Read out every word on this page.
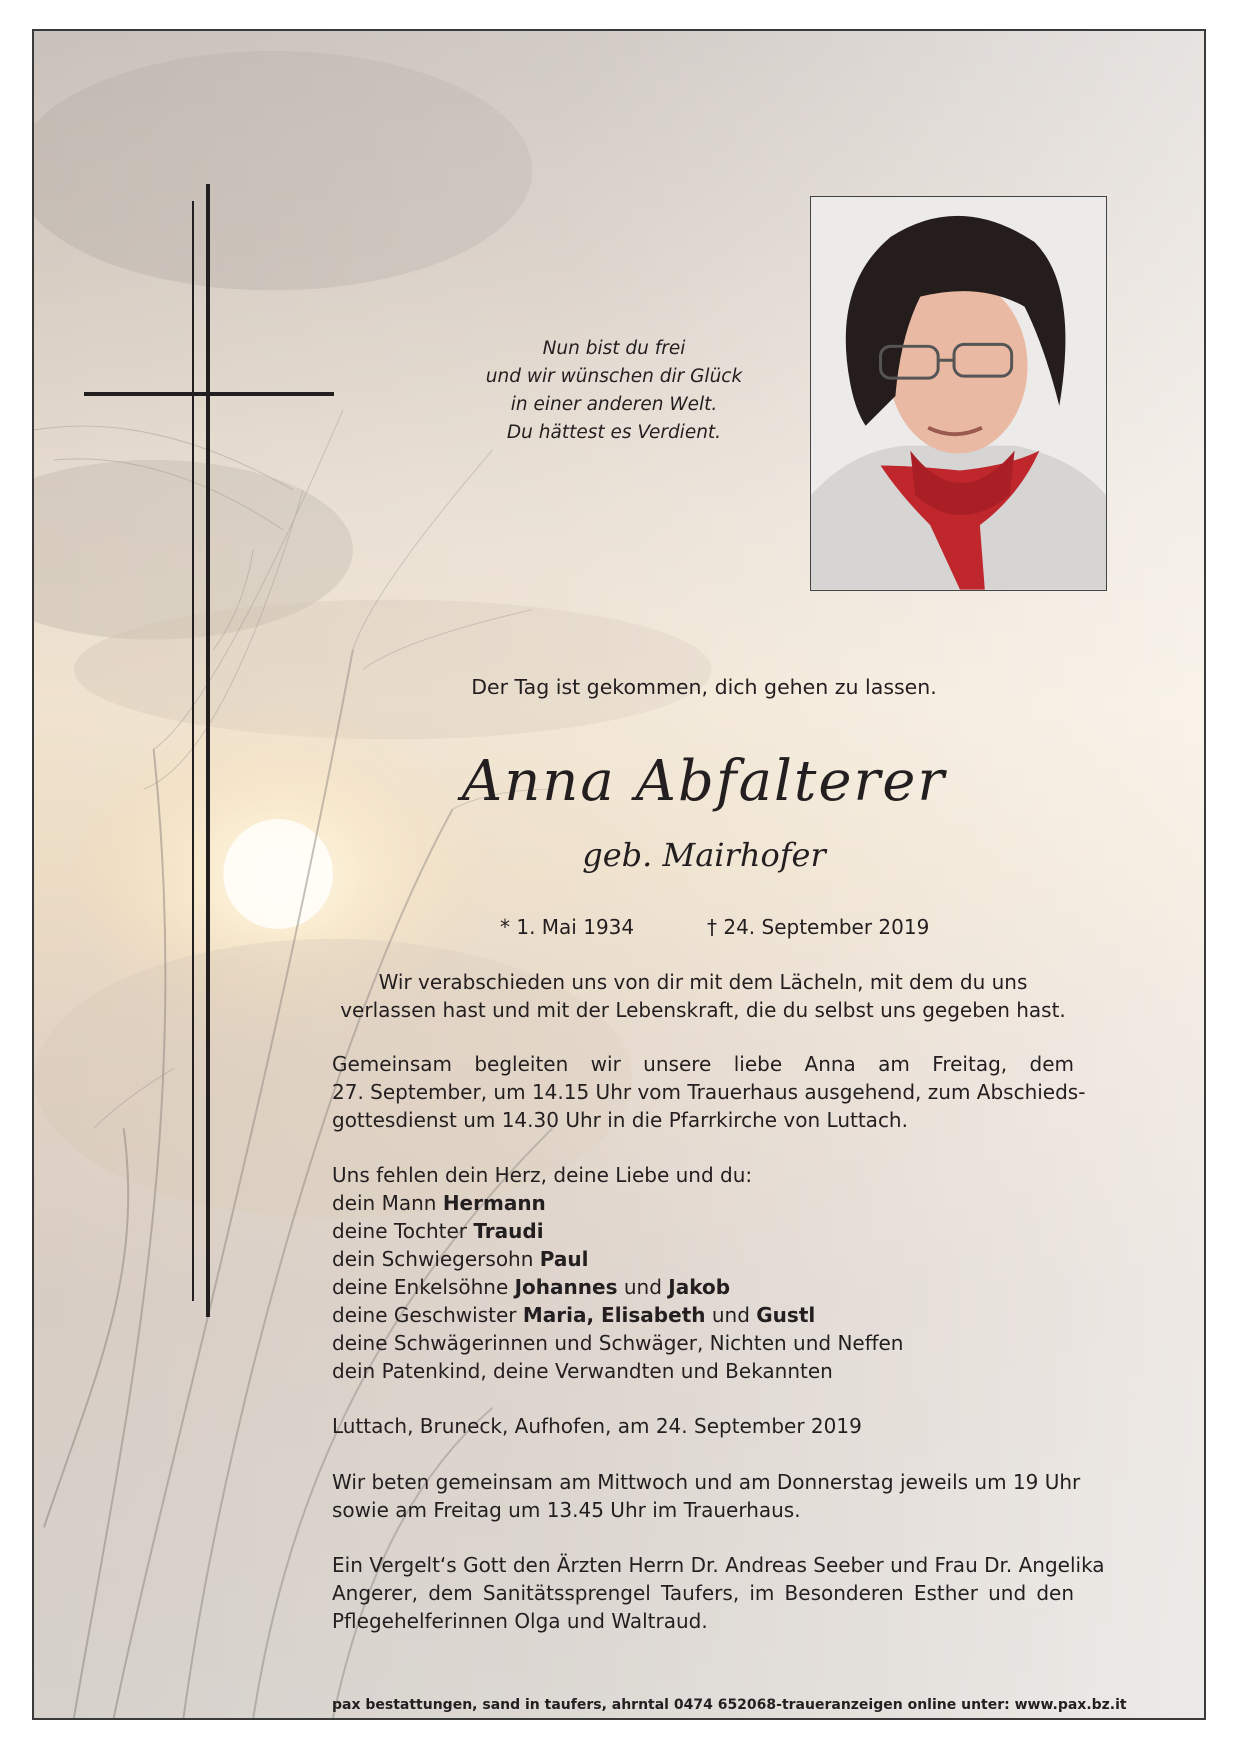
Nun bist du frei
und wir wünschen dir Glück
in einer anderen Welt.
Du hättest es Verdient.
Der Tag ist gekommen, dich gehen zu lassen.
Anna Abfalterer
geb. Mairhofer
* 1. Mai 1934	† 24. September 2019
Wir verabschieden uns von dir mit dem Lächeln, mit dem du uns
verlassen hast und mit der Lebenskraft, die du selbst uns gegeben hast.
Gemeinsam begleiten wir unsere liebe Anna am Freitag, dem
27. September, um 14.15 Uhr vom Trauerhaus ausgehend, zum Abschieds-
gottesdienst um 14.30 Uhr in die Pfarrkirche von Luttach.
Uns fehlen dein Herz, deine Liebe und du:
dein Mann Hermann
deine Tochter Traudi
dein Schwiegersohn Paul
deine Enkelsöhne Johannes und Jakob
deine Geschwister Maria, Elisabeth und Gustl
deine Schwägerinnen und Schwäger, Nichten und Neffen
dein Patenkind, deine Verwandten und Bekannten
Luttach, Bruneck, Aufhofen, am 24. September 2019
Wir beten gemeinsam am Mittwoch und am Donnerstag jeweils um 19 Uhr
sowie am Freitag um 13.45 Uhr im Trauerhaus.
Ein Vergelt‘s Gott den Ärzten Herrn Dr. Andreas Seeber und Frau Dr. Angelika
Angerer, dem Sanitätssprengel Taufers, im Besonderen Esther und den
Pflegehelferinnen Olga und Waltraud.
pax bestattungen, sand in taufers, ahrntal 0474 652068-traueranzeigen online unter: www.pax.bz.it
